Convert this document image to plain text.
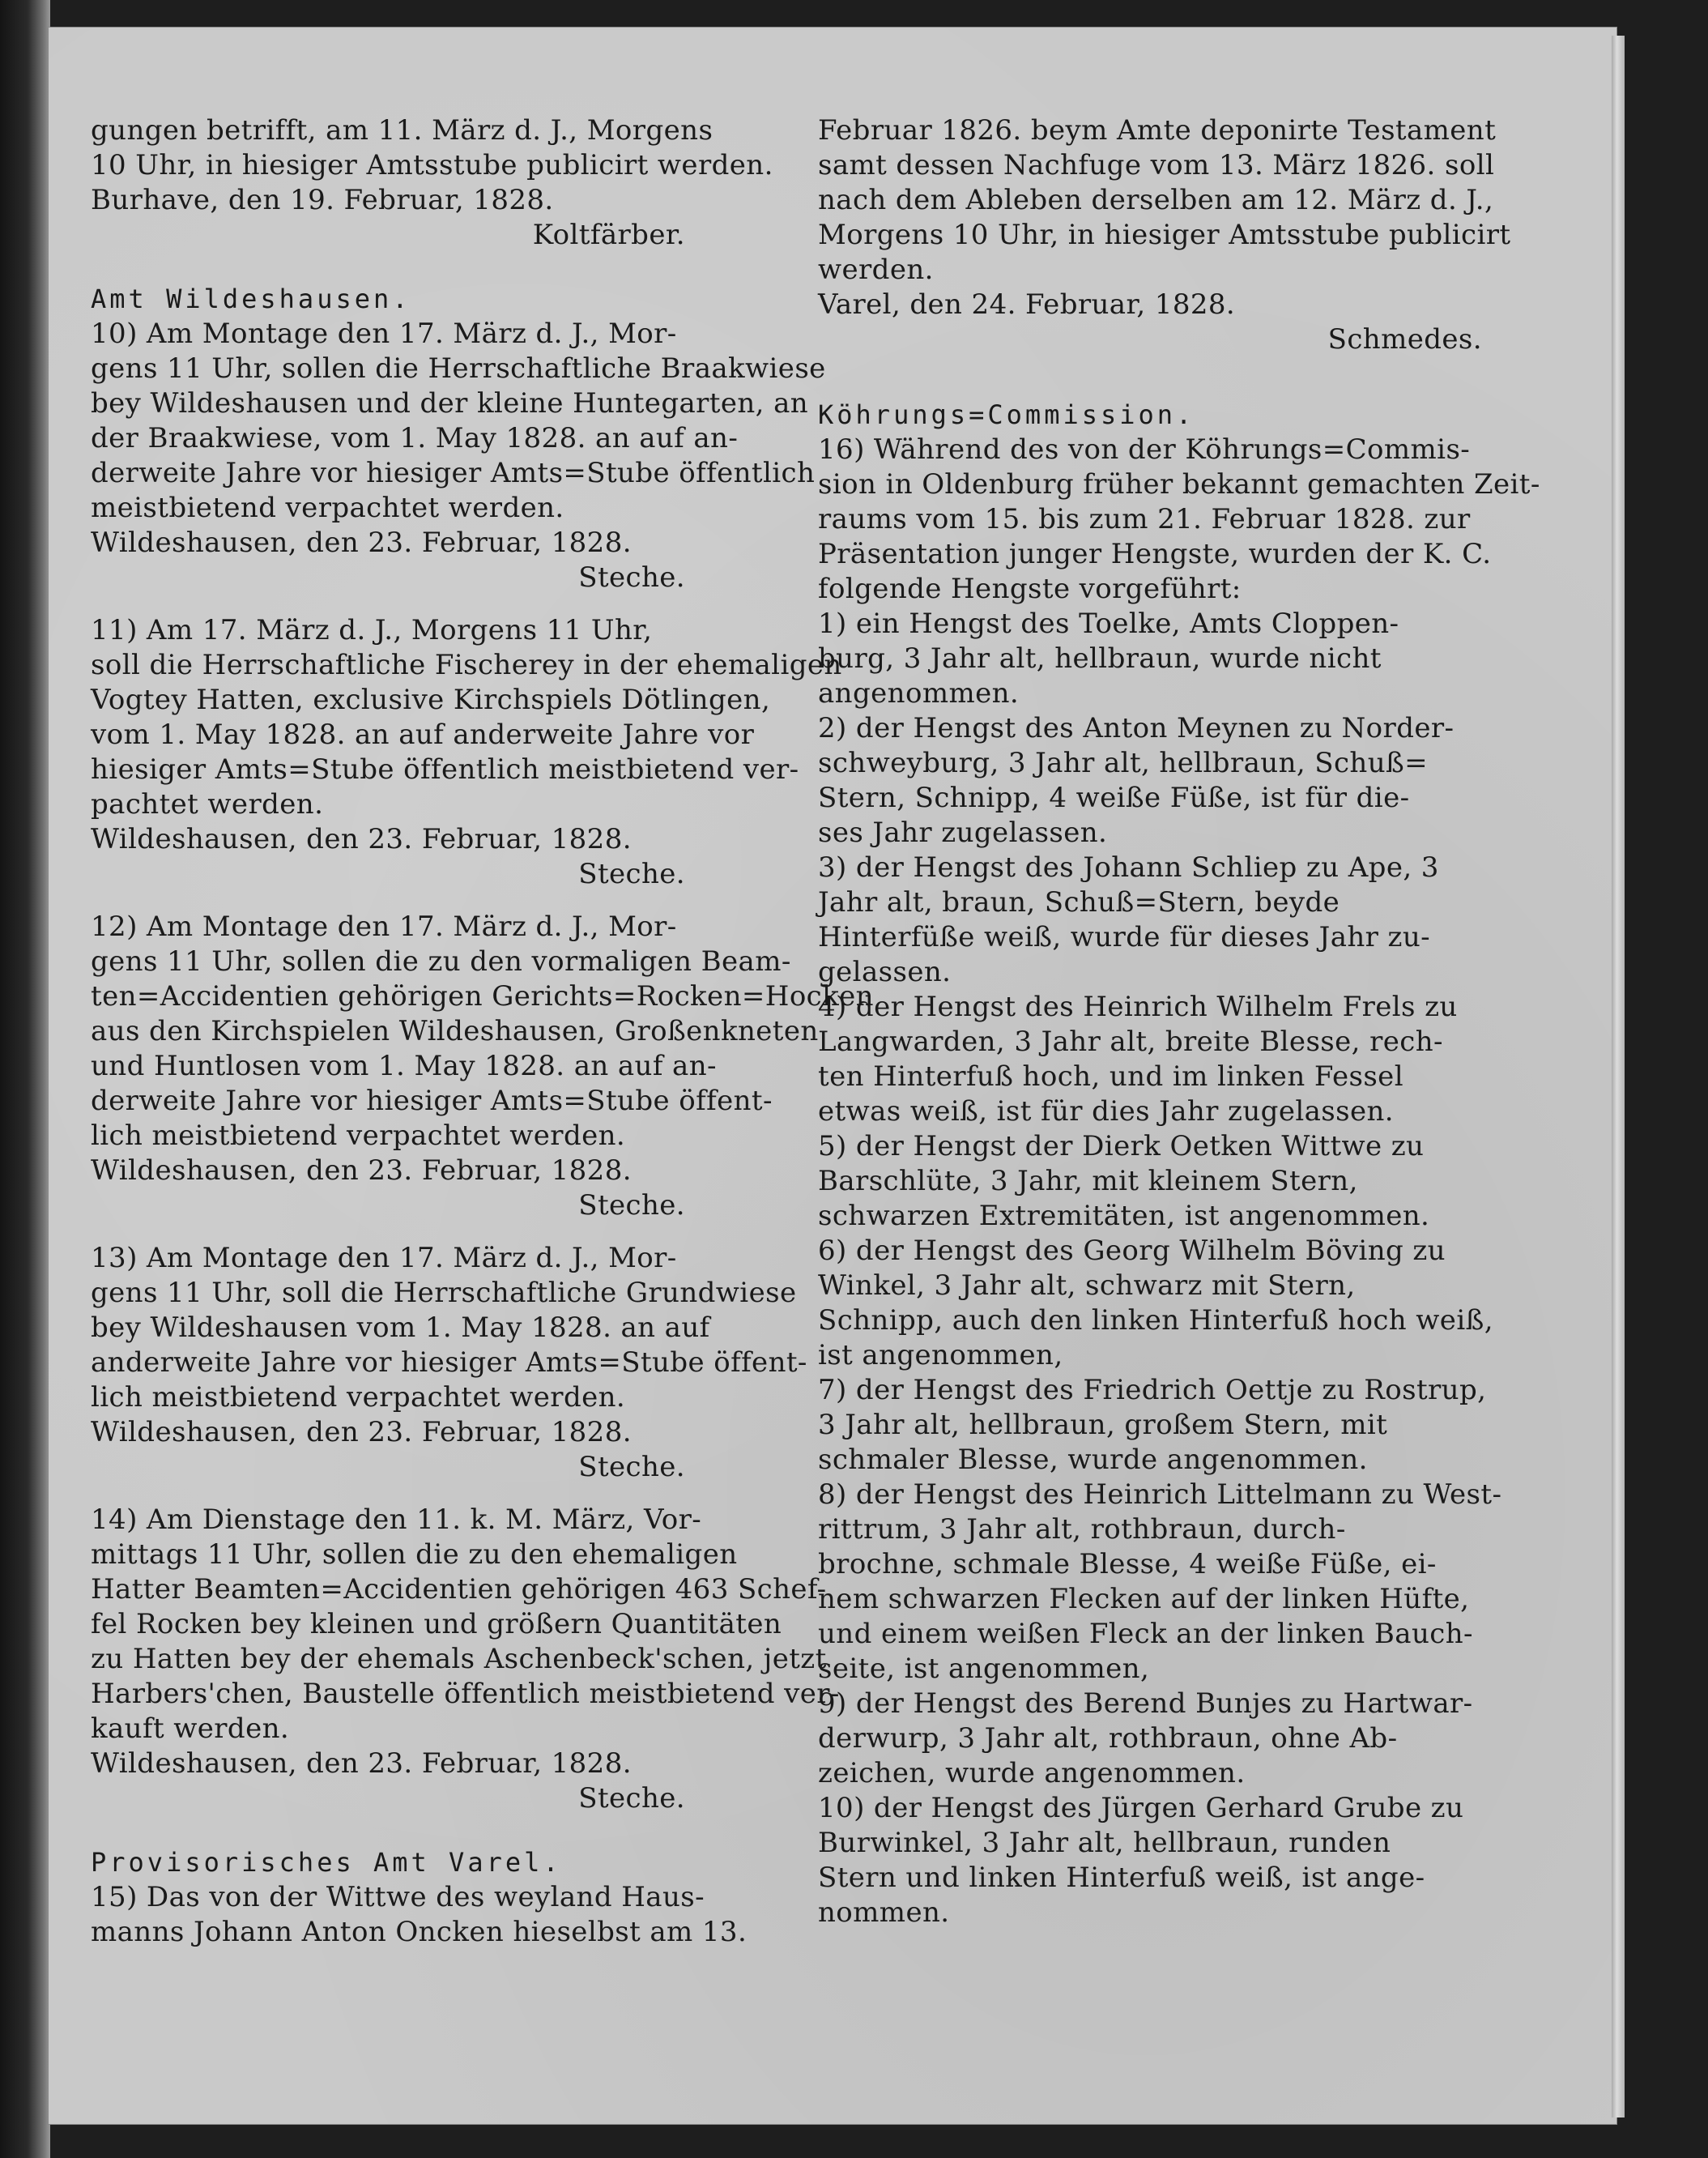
gungen betrifft, am 11. März d. J., Morgens
10 Uhr, in hiesiger Amtsstube publicirt werden.
Burhave, den 19. Februar, 1828.
Koltfärber.
Amt Wildeshausen.
10) Am Montage den 17. März d. J., Mor-
gens 11 Uhr, sollen die Herrschaftliche Braakwiese
bey Wildeshausen und der kleine Huntegarten, an
der Braakwiese, vom 1. May 1828. an auf an-
derweite Jahre vor hiesiger Amts=Stube öffentlich
meistbietend verpachtet werden.
Wildeshausen, den 23. Februar, 1828.
Steche.
11) Am 17. März d. J., Morgens 11 Uhr,
soll die Herrschaftliche Fischerey in der ehemaligen
Vogtey Hatten, exclusive Kirchspiels Dötlingen,
vom 1. May 1828. an auf anderweite Jahre vor
hiesiger Amts=Stube öffentlich meistbietend ver-
pachtet werden.
Wildeshausen, den 23. Februar, 1828.
Steche.
12) Am Montage den 17. März d. J., Mor-
gens 11 Uhr, sollen die zu den vormaligen Beam-
ten=Accidentien gehörigen Gerichts=Rocken=Hocken
aus den Kirchspielen Wildeshausen, Großenkneten
und Huntlosen vom 1. May 1828. an auf an-
derweite Jahre vor hiesiger Amts=Stube öffent-
lich meistbietend verpachtet werden.
Wildeshausen, den 23. Februar, 1828.
Steche.
13) Am Montage den 17. März d. J., Mor-
gens 11 Uhr, soll die Herrschaftliche Grundwiese
bey Wildeshausen vom 1. May 1828. an auf
anderweite Jahre vor hiesiger Amts=Stube öffent-
lich meistbietend verpachtet werden.
Wildeshausen, den 23. Februar, 1828.
Steche.
14) Am Dienstage den 11. k. M. März, Vor-
mittags 11 Uhr, sollen die zu den ehemaligen
Hatter Beamten=Accidentien gehörigen 463 Schef-
fel Rocken bey kleinen und größern Quantitäten
zu Hatten bey der ehemals Aschenbeck'schen, jetzt
Harbers'chen, Baustelle öffentlich meistbietend ver-
kauft werden.
Wildeshausen, den 23. Februar, 1828.
Steche.
Provisorisches Amt Varel.
15) Das von der Wittwe des weyland Haus-
manns Johann Anton Oncken hieselbst am 13.
Februar 1826. beym Amte deponirte Testament
samt dessen Nachfuge vom 13. März 1826. soll
nach dem Ableben derselben am 12. März d. J.,
Morgens 10 Uhr, in hiesiger Amtsstube publicirt
werden.
Varel, den 24. Februar, 1828.
Schmedes.
Köhrungs=Commission.
16) Während des von der Köhrungs=Commis-
sion in Oldenburg früher bekannt gemachten Zeit-
raums vom 15. bis zum 21. Februar 1828. zur
Präsentation junger Hengste, wurden der K. C.
folgende Hengste vorgeführt:
1) ein Hengst des Toelke, Amts Cloppen-
burg, 3 Jahr alt, hellbraun, wurde nicht
angenommen.
2) der Hengst des Anton Meynen zu Norder-
schweyburg, 3 Jahr alt, hellbraun, Schuß=
Stern, Schnipp, 4 weiße Füße, ist für die-
ses Jahr zugelassen.
3) der Hengst des Johann Schliep zu Ape, 3
Jahr alt, braun, Schuß=Stern, beyde
Hinterfüße weiß, wurde für dieses Jahr zu-
gelassen.
4) der Hengst des Heinrich Wilhelm Frels zu
Langwarden, 3 Jahr alt, breite Blesse, rech-
ten Hinterfuß hoch, und im linken Fessel
etwas weiß, ist für dies Jahr zugelassen.
5) der Hengst der Dierk Oetken Wittwe zu
Barschlüte, 3 Jahr, mit kleinem Stern,
schwarzen Extremitäten, ist angenommen.
6) der Hengst des Georg Wilhelm Böving zu
Winkel, 3 Jahr alt, schwarz mit Stern,
Schnipp, auch den linken Hinterfuß hoch weiß,
ist angenommen,
7) der Hengst des Friedrich Oettje zu Rostrup,
3 Jahr alt, hellbraun, großem Stern, mit
schmaler Blesse, wurde angenommen.
8) der Hengst des Heinrich Littelmann zu West-
rittrum, 3 Jahr alt, rothbraun, durch-
brochne, schmale Blesse, 4 weiße Füße, ei-
nem schwarzen Flecken auf der linken Hüfte,
und einem weißen Fleck an der linken Bauch-
seite, ist angenommen,
9) der Hengst des Berend Bunjes zu Hartwar-
derwurp, 3 Jahr alt, rothbraun, ohne Ab-
zeichen, wurde angenommen.
10) der Hengst des Jürgen Gerhard Grube zu
Burwinkel, 3 Jahr alt, hellbraun, runden
Stern und linken Hinterfuß weiß, ist ange-
nommen.
